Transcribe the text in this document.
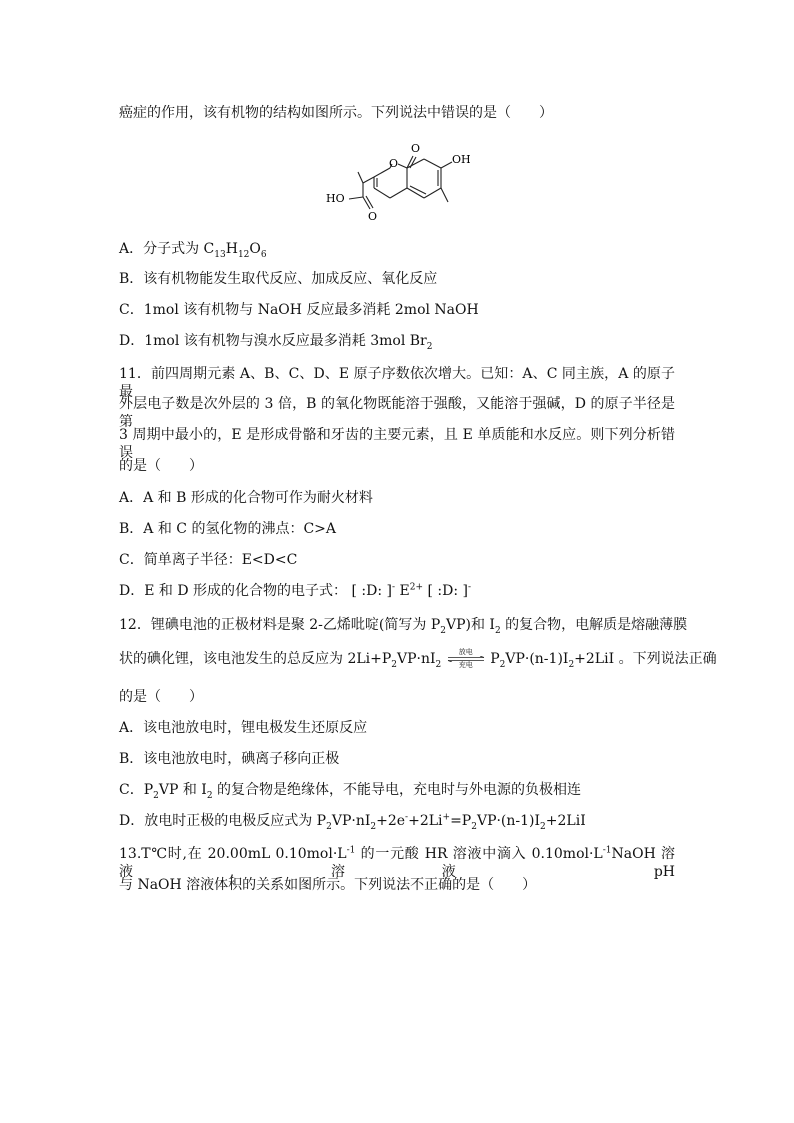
癌症的作用，该有机物的结构如图所示。下列说法中错误的是（　　）
O
O
OH
HO
O
A．分子式为 $C_{13}H_{12}O_6$
B．该有机物能发生取代反应、加成反应、氧化反应
C．1mol 该有机物与 NaOH 反应最多消耗 2mol NaOH
D．1mol 该有机物与溴水反应最多消耗 3mol $Br_2$
11．前四周期元素 A、B、C、D、E 原子序数依次增大。已知：A、C 同主族，A 的原子最
外层电子数是次外层的 3 倍，B 的氧化物既能溶于强酸，又能溶于强碱，D 的原子半径是第
3 周期中最小的，E 是形成骨骼和牙齿的主要元素，且 E 单质能和水反应。则下列分析错误
的是（　　）
A．A 和 B 形成的化合物可作为耐火材料
B．A 和 C 的氢化物的沸点：C>A
C．简单离子半径：E<D<C
D．E 和 D 形成的化合物的电子式： [ :D: ]- $E^{2+}$ [ :D: ]-
12．锂碘电池的正极材料是聚 2-乙烯吡啶(简写为 $P_2VP$)和 $I_2$ 的复合物，电解质是熔融薄膜
状的碘化锂，该电池发生的总反应为 $2Li+P_2VP\cdot nI_2$
放电
充电	$P_2VP\cdot(n-1)I_2+2LiI$ 。下列说法正确
的是（　　）
A．该电池放电时，锂电极发生还原反应
B．该电池放电时，碘离子移向正极
C．$P_2VP$ 和 $I_2$ 的复合物是绝缘体，不能导电，充电时与外电源的负极相连
D．放电时正极的电极反应式为 $P_2VP\cdot nI_2+2e^-+2Li^+=P_2VP\cdot(n-1)I_2+2LiI$
13.T℃时,在 20.00mL $0.10mol\cdot L^{-1}$ 的一元酸 HR 溶液中滴入 $0.10mol\cdot L^{-1}NaOH$ 溶液,溶液 pH
与 NaOH 溶液体积的关系如图所示。下列说法不正确的是（　　）
